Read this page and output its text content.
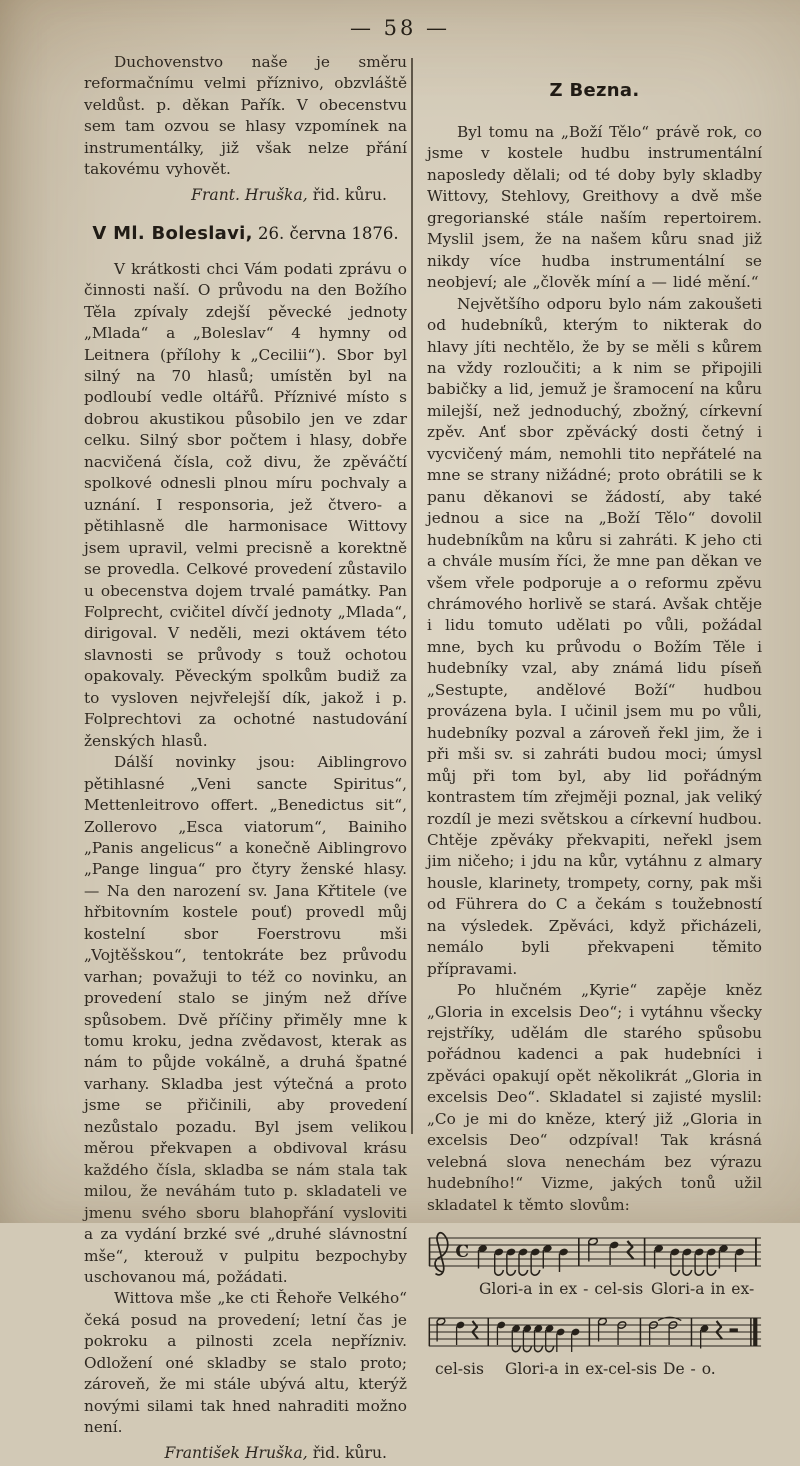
— 58 —

Duchovenstvo naše je směru reformačnímu velmi příznivo, obzvláště veldůst. p. děkan Pařík. V obecenstvu sem tam ozvou se hlasy vzpomínek na instrumentálky, již však nelze přání takovému vyhovět.

Frant. Hruška, řid. kůru.
V Ml. Boleslavi, 26. června 1876.

V krátkosti chci Vám podati zprávu o činnosti naší. O průvodu na den Božího Těla zpívaly zdejší pěvecké jednoty „Mlada“ a „Boleslav“ 4 hymny od Leitnera (přílohy k „Cecilii“). Sbor byl silný na 70 hlasů; umístěn byl na podloubí vedle oltářů. Příznivé místo s dobrou akustikou působilo jen ve zdar celku. Silný sbor počtem i hlasy, dobře nacvičená čísla, což divu, že zpěváčtí spolkové odnesli plnou míru pochvaly a uznání. I responsoria, jež čtvero- a pětihlasně dle harmonisace Wittovy jsem upravil, velmi precisně a korektně se provedla. Celkové provedení zůstavilo u obecenstva dojem trvalé památky. Pan Folprecht, cvičitel dívčí jednoty „Mlada“, dirigoval. V neděli, mezi oktávem této slavnosti se průvody s touž ochotou opakovaly. Pěveckým spolkům budiž za to vysloven nejvřelejší dík, jakož i p. Folprechtovi za ochotné nastudování ženských hlasů.

Dálší novinky jsou: Aiblingrovo pětihlasné „Veni sancte Spiritus“, Mettenleitrovo offert. „Benedictus sit“, Zollerovo „Esca viatorum“, Bainiho „Panis angelicus“ a konečně Aiblingrovo „Pange lingua“ pro čtyry ženské hlasy. — Na den narození sv. Jana Křtitele (ve hřbitovním kostele pouť) provedl můj kostelní sbor Foerstrovu mši „Vojtěšskou“, tentokráte bez průvodu varhan; považuji to též co novinku, an provedení stalo se jiným než dříve spůsobem. Dvě příčiny přiměly mne k tomu kroku, jedna zvědavost, kterak as nám to půjde vokálně, a druhá špatné varhany. Skladba jest výtečná a proto jsme se přičinili, aby provedení nezůstalo pozadu. Byl jsem velikou měrou překvapen a obdivoval krásu každého čísla, skladba se nám stala tak milou, že neváhám tuto p. skladateli ve jmenu svého sboru blahopřání vysloviti a za vydání brzké své „druhé slávnostní mše“, kterouž v pulpitu bezpochyby uschovanou má, požádati.

Wittova mše „ke cti Řehoře Velkého“ čeká posud na provedení; letní čas je pokroku a pilnosti zcela nepřízniv. Odložení oné skladby se stalo proto; zároveň, že mi stále ubývá altu, kterýž novými silami tak hned nahraditi možno není.

František Hruška, řid. kůru.
Z Bezna.

Byl tomu na „Boží Tělo“ právě rok, co jsme v kostele hudbu instrumentální naposledy dělali; od té doby byly skladby Wittovy, Stehlovy, Greithovy a dvě mše gregorianské stále naším repertoirem. Myslil jsem, že na našem kůru snad již nikdy více hudba instrumentální se neobjeví; ale „člověk míní a — lidé mění.“

Největšího odporu bylo nám zakoušeti od hudebníků, kterým to nikterak do hlavy jíti nechtělo, že by se měli s kůrem na vždy rozloučiti; a k nim se připojili babičky a lid, jemuž je šramocení na kůru milejší, než jednoduchý, zbožný, církevní zpěv. Anť sbor zpěvácký dosti četný i vycvičený mám, nemohli tito nepřátelé na mne se strany nižádné; proto obrátili se k panu děkanovi se žádostí, aby také jednou a sice na „Boží Tělo“ dovolil hudebníkům na kůru si zahráti. K jeho cti a chvále musím říci, že mne pan děkan ve všem vřele podporuje a o reformu zpěvu chrámového horlivě se stará. Avšak chtěje i lidu tomuto udělati po vůli, požádal mne, bych ku průvodu o Božím Těle i hudebníky vzal, aby známá lidu píseň „Sestupte, andělové Boží“ hudbou provázena byla. I učinil jsem mu po vůli, hudebníky pozval a zároveň řekl jim, že i při mši sv. si zahráti budou moci; úmysl můj při tom byl, aby lid pořádným kontrastem tím zřejměji poznal, jak veliký rozdíl je mezi světskou a církevní hudbou. Chtěje zpěváky překvapiti, neřekl jsem jim ničeho; i jdu na kůr, vytáhnu z almary housle, klarinety, trompety, corny, pak mši od Führera do C a čekám s toužebností na výsledek. Zpěváci, když přicházeli, nemálo byli překvapeni těmito přípravami.

Po hlučném „Kyrie“ zapěje kněz „Gloria in excelsis Deo“; i vytáhnu všecky rejstříky, udělám dle starého spůsobu pořádnou kadenci a pak hudebníci i zpěváci opakují opět několikrát „Gloria in excelsis Deo“. Skladatel si zajisté myslil: „Co je mi do kněze, který již „Gloria in excelsis Deo“ odzpíval! Tak krásná velebná slova nenechám bez výrazu hudebního!“ Vizme, jakých tonů užil skladatel k těmto slovům:

C
Glori-a in ex - cel-sis Glori-a in ex-
cel-sis Glori-a in ex-cel-sis De - o.
